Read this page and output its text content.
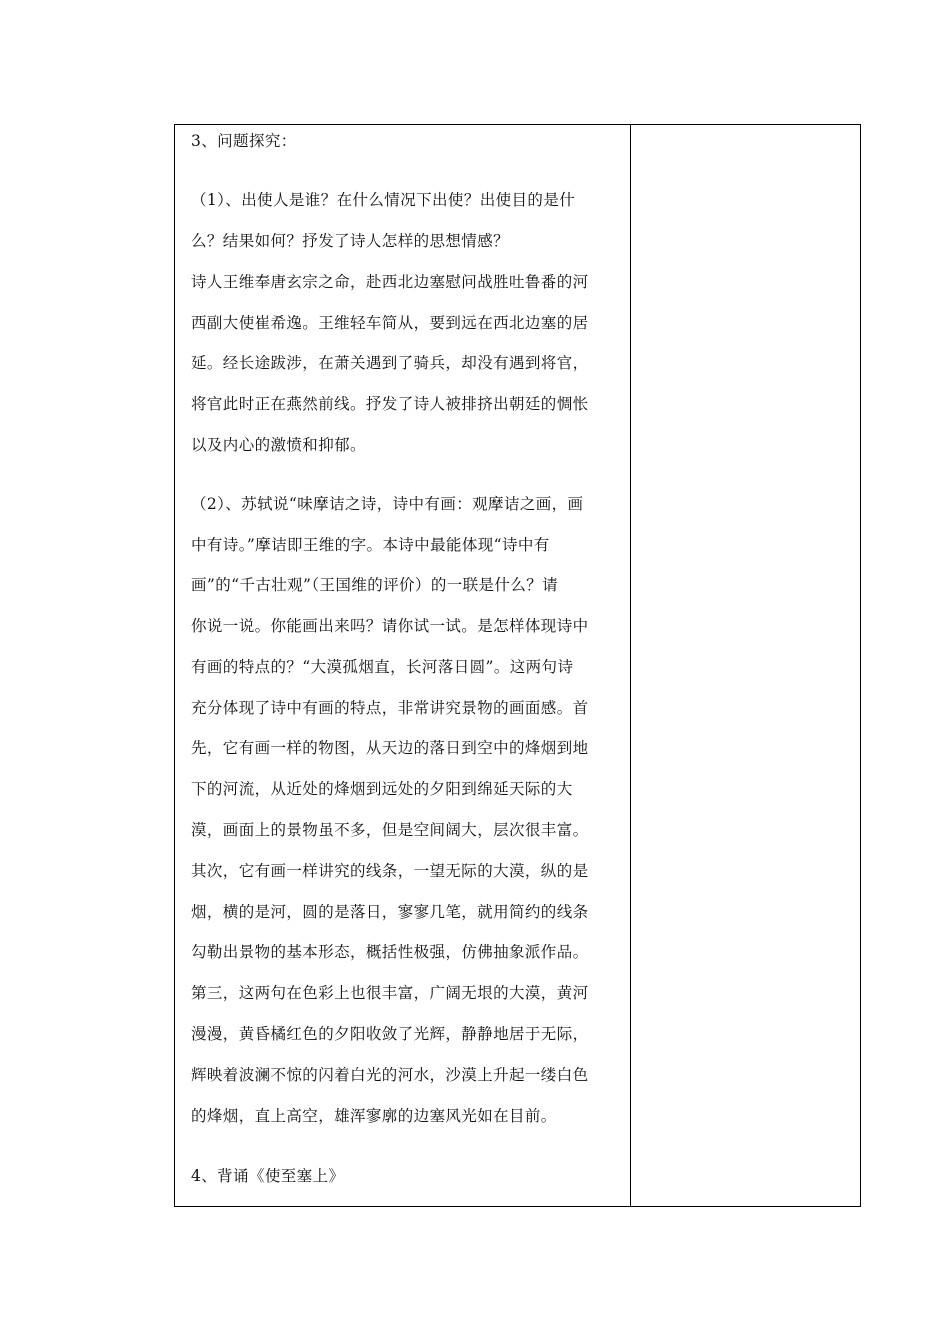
3、问题探究：
（1）、出使人是谁？在什么情况下出使？出使目的是什
么？结果如何？抒发了诗人怎样的思想情感？
诗人王维奉唐玄宗之命，赴西北边塞慰问战胜吐鲁番的河
西副大使崔希逸。王维轻车简从，要到远在西北边塞的居
延。经长途跋涉，在萧关遇到了骑兵，却没有遇到将官，
将官此时正在燕然前线。抒发了诗人被排挤出朝廷的惆怅
以及内心的激愤和抑郁。
（2）、苏轼说“味摩诘之诗，诗中有画：观摩诘之画，画
中有诗。”摩诘即王维的字。本诗中最能体现“诗中有
画”的“千古壮观”（王国维的评价）的一联是什么？请
你说一说。你能画出来吗？请你试一试。是怎样体现诗中
有画的特点的？“大漠孤烟直，长河落日圆”。这两句诗
充分体现了诗中有画的特点，非常讲究景物的画面感。首
先，它有画一样的物图，从天边的落日到空中的烽烟到地
下的河流，从近处的烽烟到远处的夕阳到绵延天际的大
漠，画面上的景物虽不多，但是空间阔大，层次很丰富。
其次，它有画一样讲究的线条，一望无际的大漠，纵的是
烟，横的是河，圆的是落日，寥寥几笔，就用简约的线条
勾勒出景物的基本形态，概括性极强，仿佛抽象派作品。
第三，这两句在色彩上也很丰富，广阔无垠的大漠，黄河
漫漫，黄昏橘红色的夕阳收敛了光辉，静静地居于无际，
辉映着波澜不惊的闪着白光的河水，沙漠上升起一缕白色
的烽烟，直上高空，雄浑寥廓的边塞风光如在目前。
4、背诵《使至塞上》
